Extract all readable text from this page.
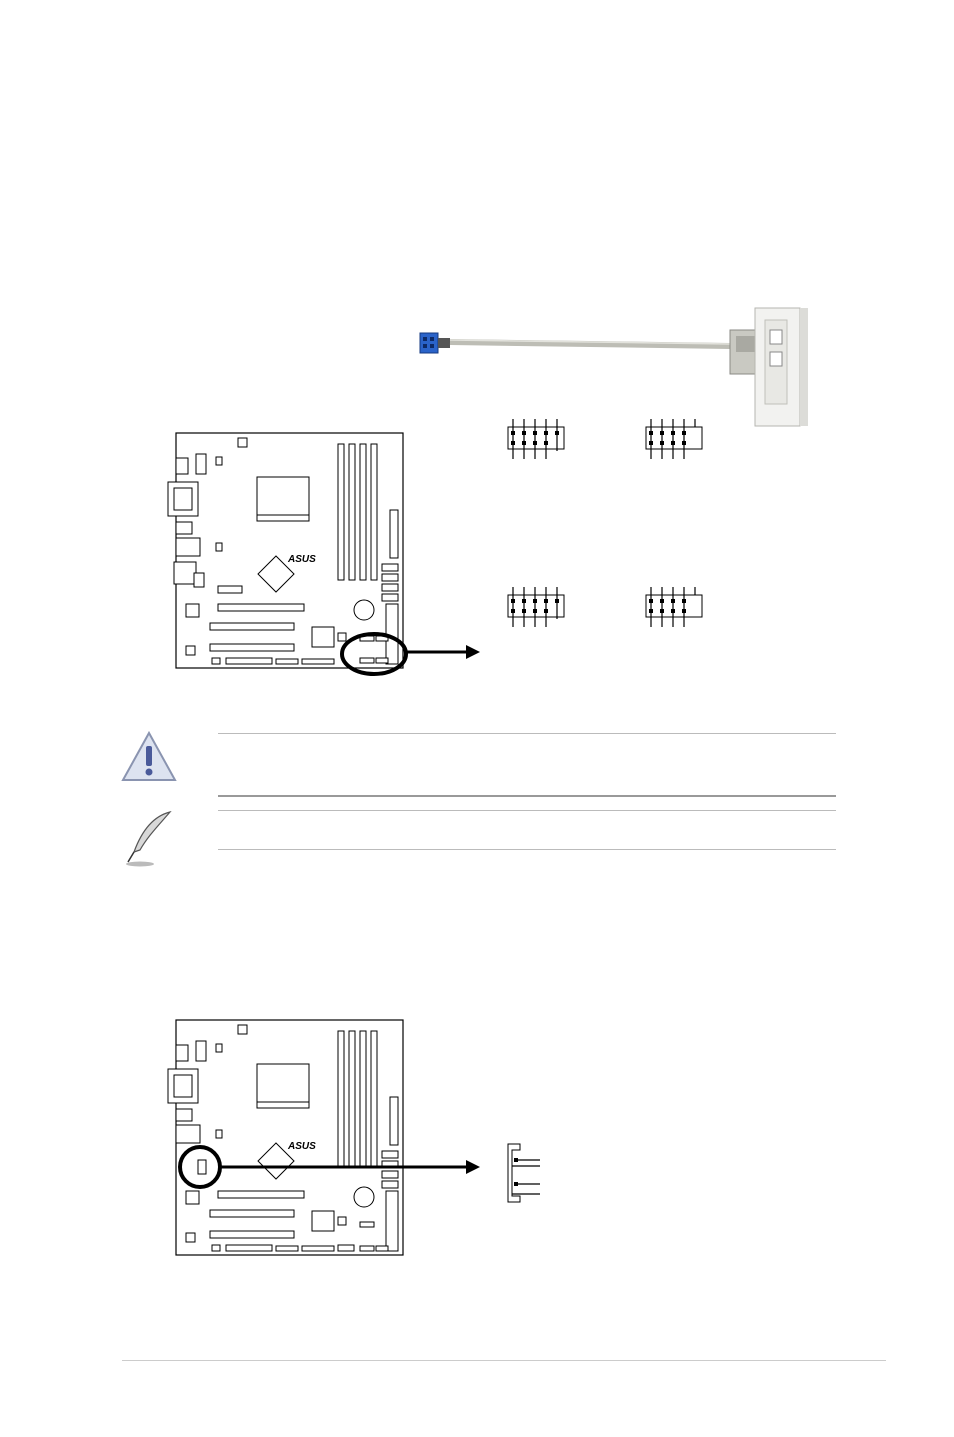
ASUS
ASUS
